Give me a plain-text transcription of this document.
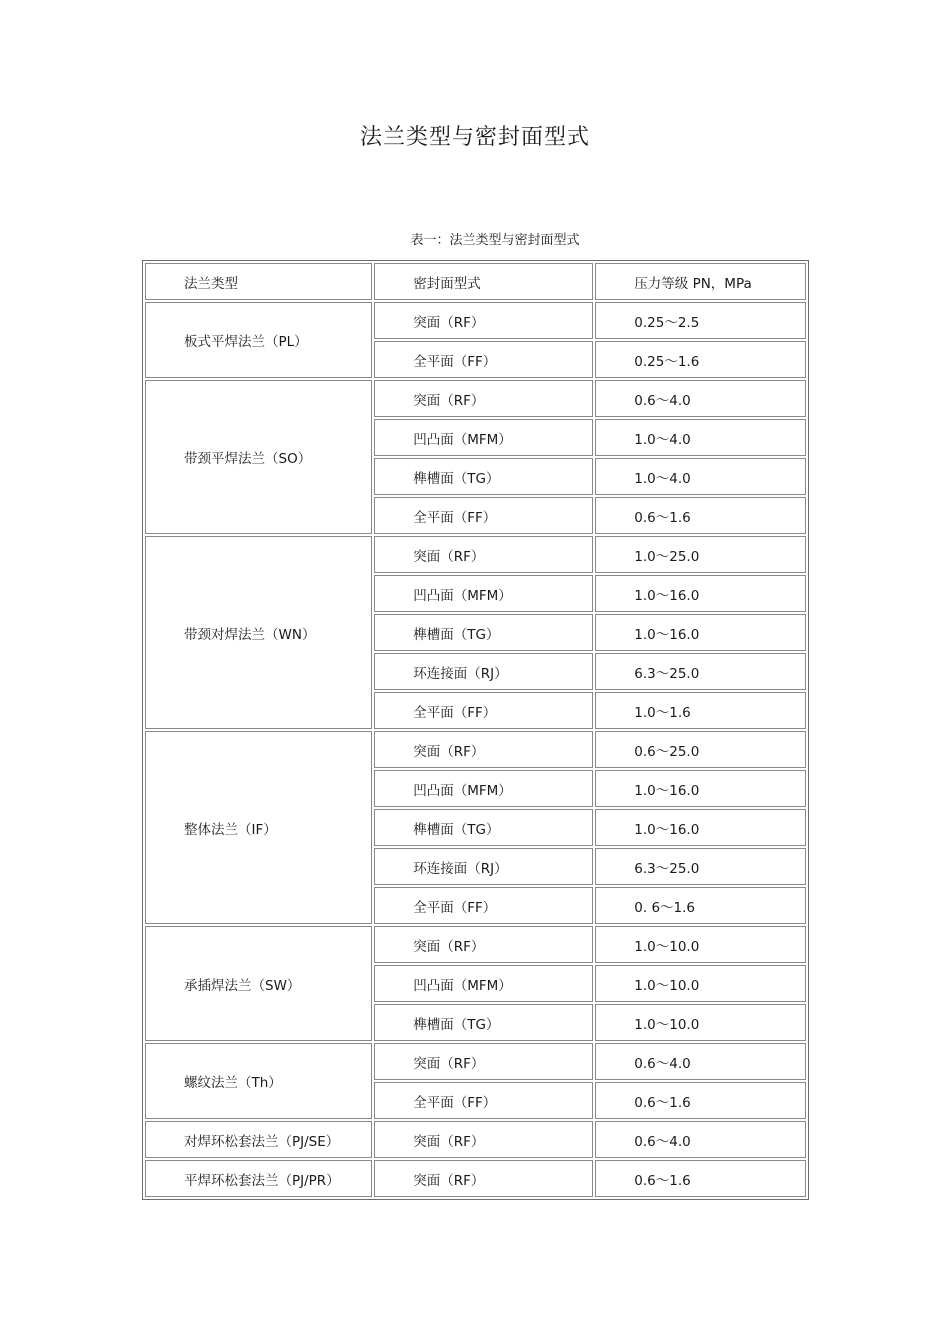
法兰类型与密封面型式
表一：法兰类型与密封面型式
法兰类型	密封面型式	压力等级 PN，MPa
板式平焊法兰（PL）	突面（RF）	0.25～2.5
	全平面（FF）	0.25～1.6
带颈平焊法兰（SO）	突面（RF）	0.6～4.0
	凹凸面（MFM）	1.0～4.0
	榫槽面（TG）	1.0～4.0
	全平面（FF）	0.6～1.6
带颈对焊法兰（WN）	突面（RF）	1.0～25.0
	凹凸面（MFM）	1.0～16.0
	榫槽面（TG）	1.0～16.0
	环连接面（RJ）	6.3～25.0
	全平面（FF）	1.0～1.6
整体法兰（IF）	突面（RF）	0.6～25.0
	凹凸面（MFM）	1.0～16.0
	榫槽面（TG）	1.0～16.0
	环连接面（RJ）	6.3～25.0
	全平面（FF）	0. 6～1.6
承插焊法兰（SW）	突面（RF）	1.0～10.0
	凹凸面（MFM）	1.0～10.0
	榫槽面（TG）	1.0～10.0
螺纹法兰（Th）	突面（RF）	0.6～4.0
	全平面（FF）	0.6～1.6
对焊环松套法兰（PJ/SE）	突面（RF）	0.6～4.0
平焊环松套法兰（PJ/PR）	突面（RF）	0.6～1.6
